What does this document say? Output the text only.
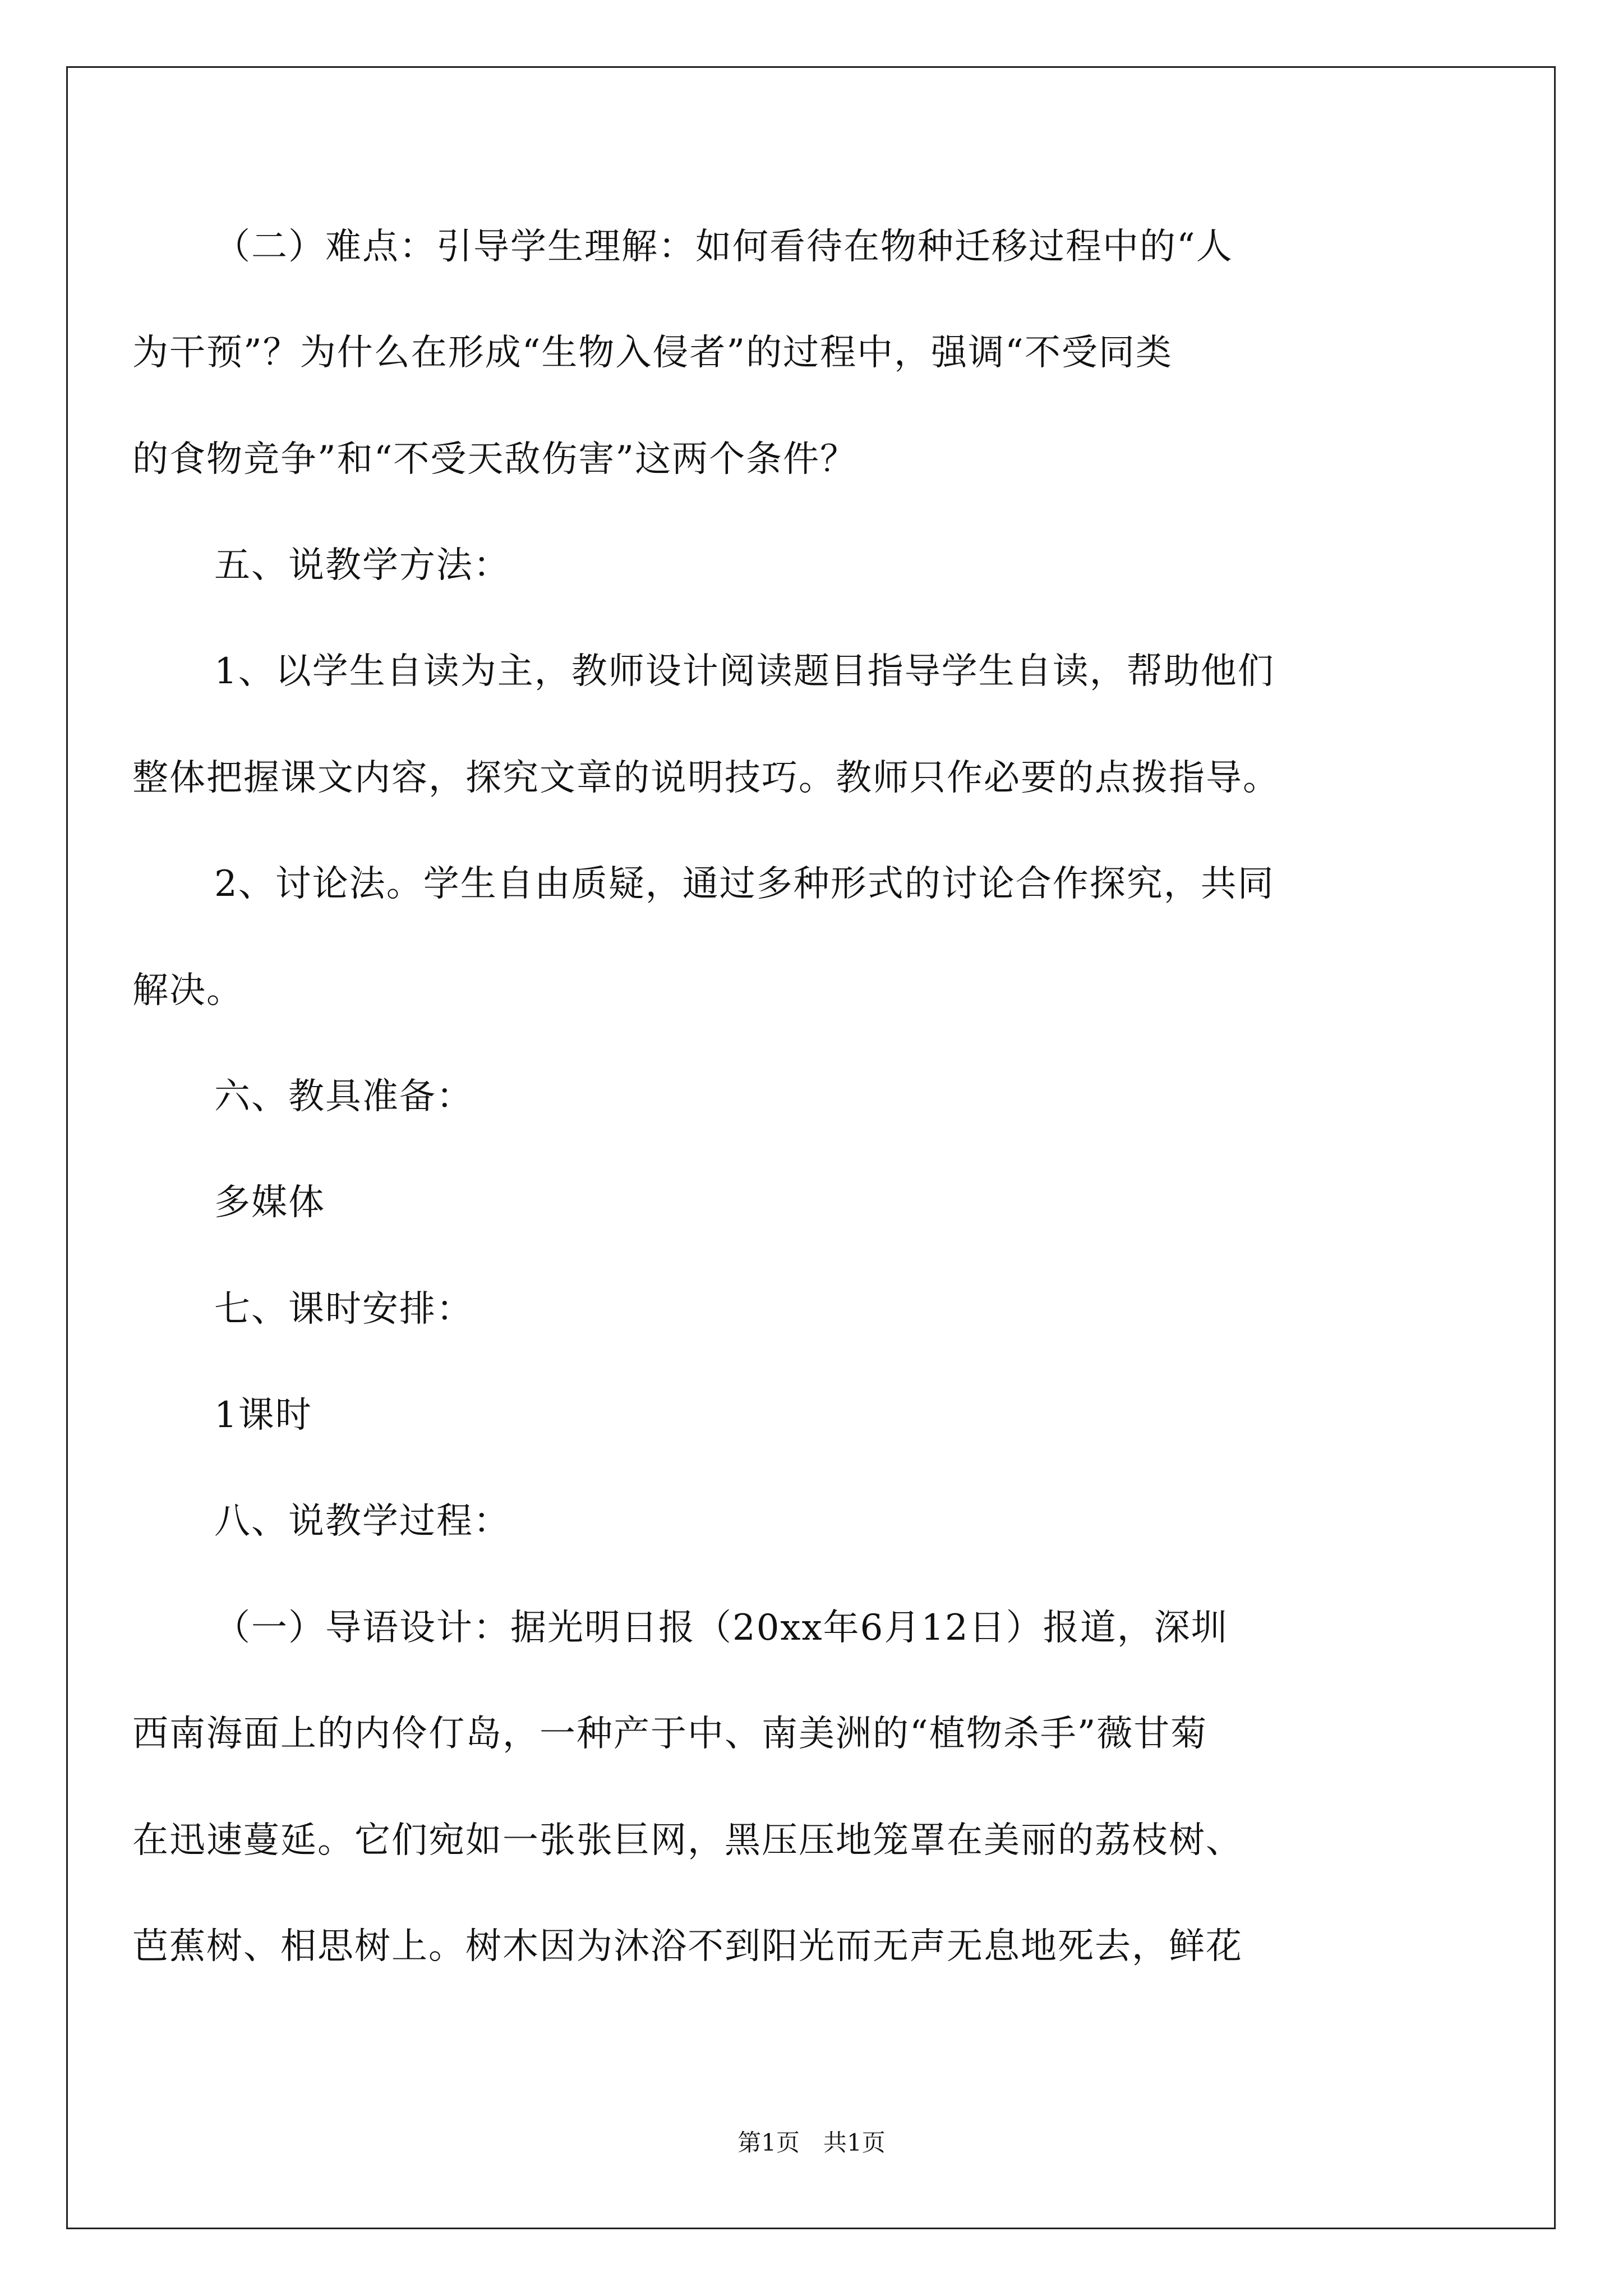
（二）难点：引导学生理解：如何看待在物种迁移过程中的“人
为干预”？为什么在形成“生物入侵者”的过程中，强调“不受同类
的食物竞争”和“不受天敌伤害”这两个条件？
五、说教学方法：
1、以学生自读为主，教师设计阅读题目指导学生自读，帮助他们
整体把握课文内容，探究文章的说明技巧。教师只作必要的点拨指导。
2、讨论法。学生自由质疑，通过多种形式的讨论合作探究，共同
解决。
六、教具准备：
多媒体
七、课时安排：
1课时
八、说教学过程：
（一）导语设计：据光明日报（20xx年6月12日）报道，深圳
西南海面上的内伶仃岛，一种产于中、南美洲的“植物杀手”薇甘菊
在迅速蔓延。它们宛如一张张巨网，黑压压地笼罩在美丽的荔枝树、
芭蕉树、相思树上。树木因为沐浴不到阳光而无声无息地死去，鲜花
第1页　共1页
